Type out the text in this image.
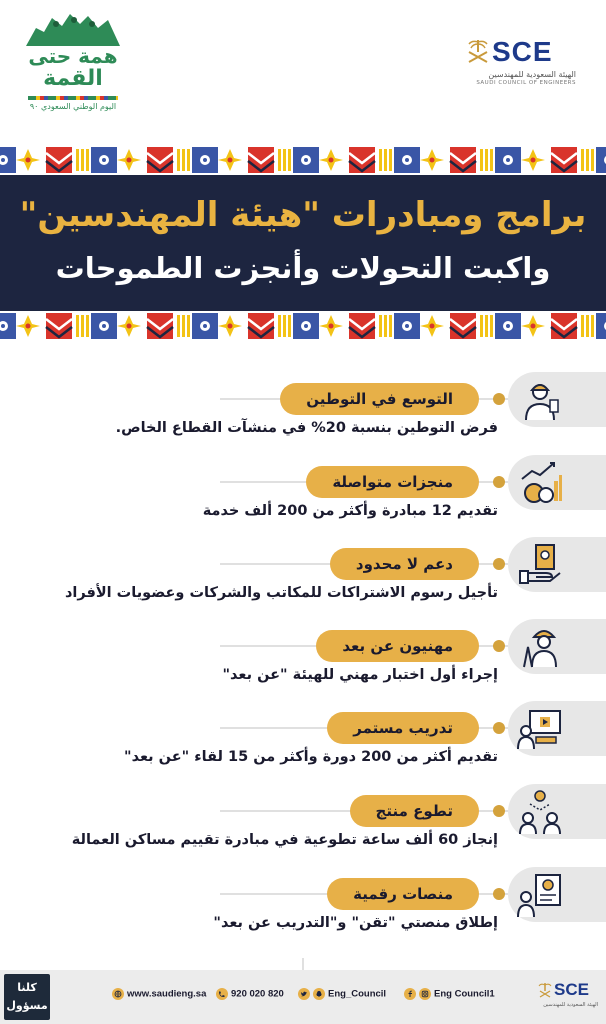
همة حتى
القمة
اليوم الوطني السعودي ٩٠
SCE
الهيئة السعودية للمهندسين
SAUDI COUNCIL OF ENGINEERS
برامج ومبادرات "هيئة المهندسين"
واكبت التحولات وأنجزت الطموحات
التوسع في التوطين
فرض التوطين بنسبة 20% في منشآت القطاع الخاص.
منجزات متواصلة
تقديم 12 مبادرة وأكثر من 200 ألف خدمة
دعم لا محدود
تأجيل رسوم الاشتراكات للمكاتب والشركات وعضويات الأفراد
مهنيون عن بعد
إجراء أول اختبار مهني للهيئة "عن بعد"
تدريب مستمر
تقديم أكثر من 200 دورة وأكثر من 15 لقاء "عن بعد"
تطوع منتج
إنجاز 60 ألف ساعة تطوعية في مبادرة تقييم مساكن العمالة
منصات رقمية
إطلاق منصتي "تقن" و"التدريب عن بعد"
كلنا
مسؤول
www.saudieng.sa	920 020 820	Eng_Council	Eng Council1	SCE
الهيئة السعودية للمهندسين
